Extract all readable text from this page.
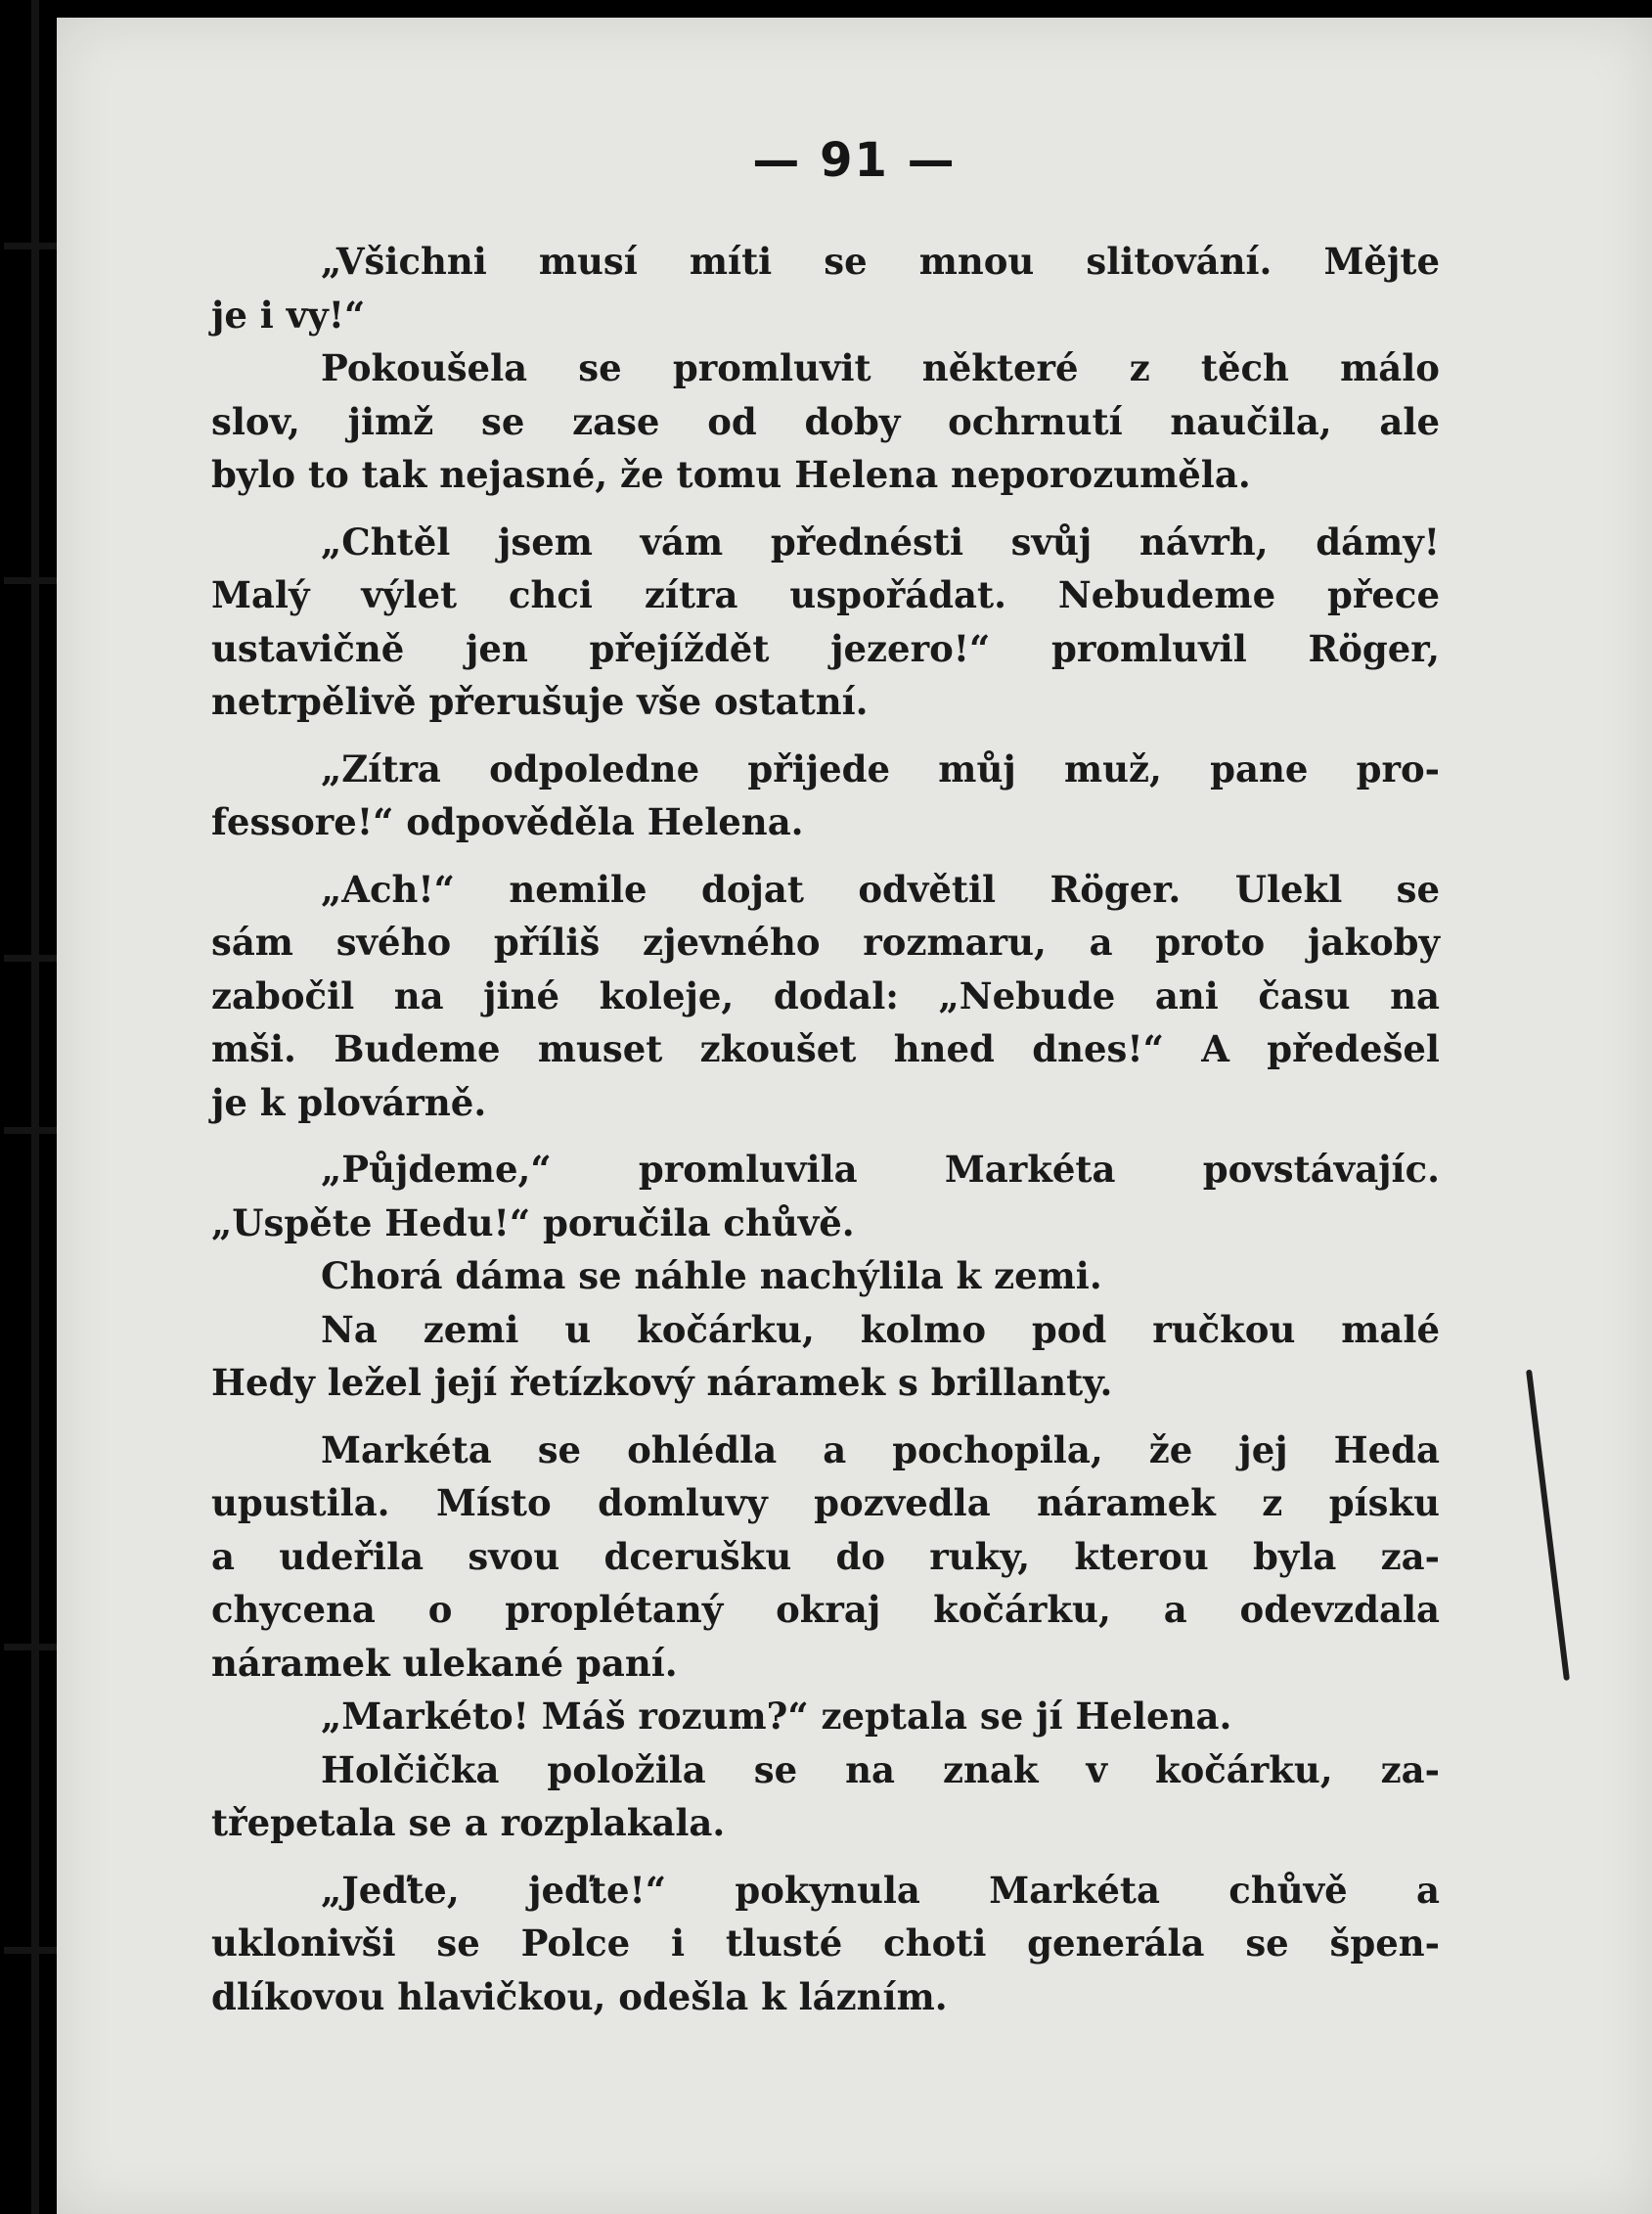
— 91 —
„Všichni musí míti se mnou slitování. Mějte
je i vy!“
Pokoušela se promluvit některé z těch málo
slov, jimž se zase od doby ochrnutí naučila, ale
bylo to tak nejasné, že tomu Helena neporozuměla.
„Chtěl jsem vám přednésti svůj návrh, dámy!
Malý výlet chci zítra uspořádat. Nebudeme přece
ustavičně jen přejíždět jezero!“ promluvil Röger,
netrpělivě přerušuje vše ostatní.
„Zítra odpoledne přijede můj muž, pane pro-
fessore!“ odpověděla Helena.
„Ach!“ nemile dojat odvětil Röger. Ulekl se
sám svého příliš zjevného rozmaru, a proto jakoby
zabočil na jiné koleje, dodal: „Nebude ani času na
mši. Budeme muset zkoušet hned dnes!“ A předešel
je k plovárně.
„Půjdeme,“ promluvila Markéta povstávajíc.
„Uspěte Hedu!“ poručila chůvě.
Chorá dáma se náhle nachýlila k zemi.
Na zemi u kočárku, kolmo pod ručkou malé
Hedy ležel její řetízkový náramek s brillanty.
Markéta se ohlédla a pochopila, že jej Heda
upustila. Místo domluvy pozvedla náramek z písku
a udeřila svou dcerušku do ruky, kterou byla za-
chycena o proplétaný okraj kočárku, a odevzdala
náramek ulekané paní.
„Markéto! Máš rozum?“ zeptala se jí Helena.
Holčička položila se na znak v kočárku, za-
třepetala se a rozplakala.
„Jeďte, jeďte!“ pokynula Markéta chůvě a
uklonivši se Polce i tlusté choti generála se špen-
dlíkovou hlavičkou, odešla k lázním.
